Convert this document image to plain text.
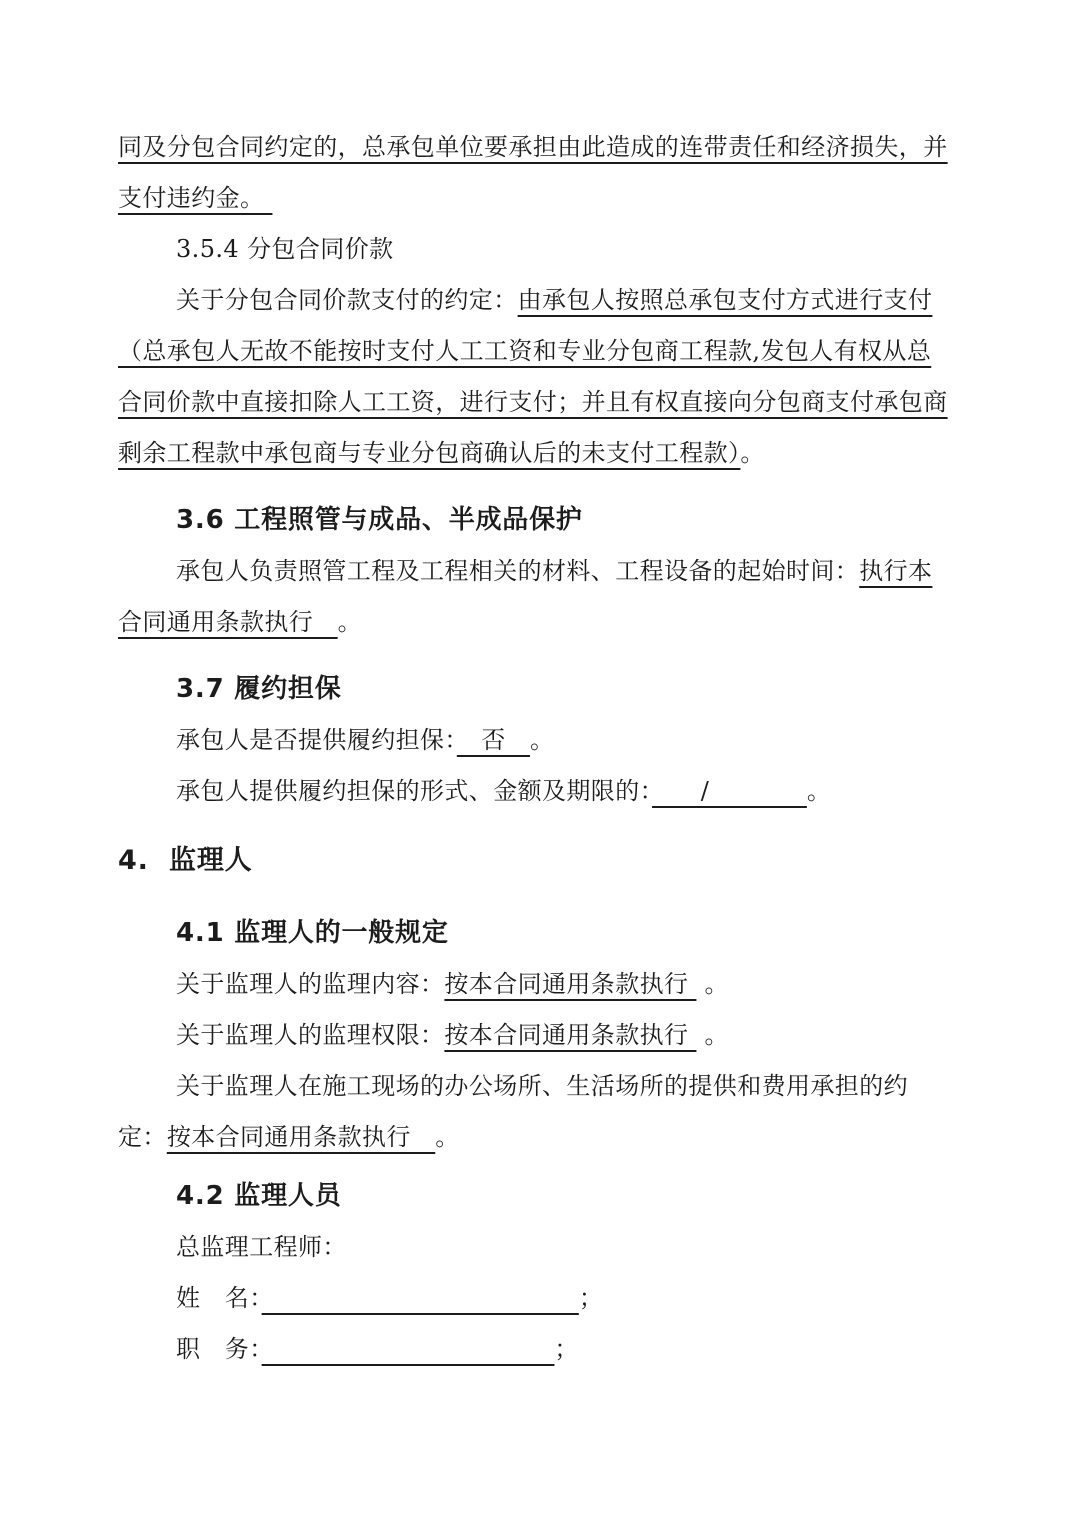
同及分包合同约定的，总承包单位要承担由此造成的连带责任和经济损失，并
支付违约金。
3.5.4 分包合同价款
关于分包合同价款支付的约定：由承包人按照总承包支付方式进行支付
（总承包人无故不能按时支付人工工资和专业分包商工程款,发包人有权从总
合同价款中直接扣除人工工资，进行支付；并且有权直接向分包商支付承包商
剩余工程款中承包商与专业分包商确认后的未支付工程款）。
3.6 工程照管与成品、半成品保护
承包人负责照管工程及工程相关的材料、工程设备的起始时间：执行本
合同通用条款执行　。
3.7 履约担保
承包人是否提供履约担保：　否　。
承包人提供履约担保的形式、金额及期限的：　　/　　　　。
4.  监理人
4.1 监理人的一般规定
关于监理人的监理内容：按本合同通用条款执行  。
关于监理人的监理权限：按本合同通用条款执行  。
关于监理人在施工现场的办公场所、生活场所的提供和费用承担的约
定：按本合同通用条款执行　。
4.2 监理人员
总监理工程师：
姓　名：　　　　　　　　　　　　　	；
职　务：　　　　　　　　　　　　	；
